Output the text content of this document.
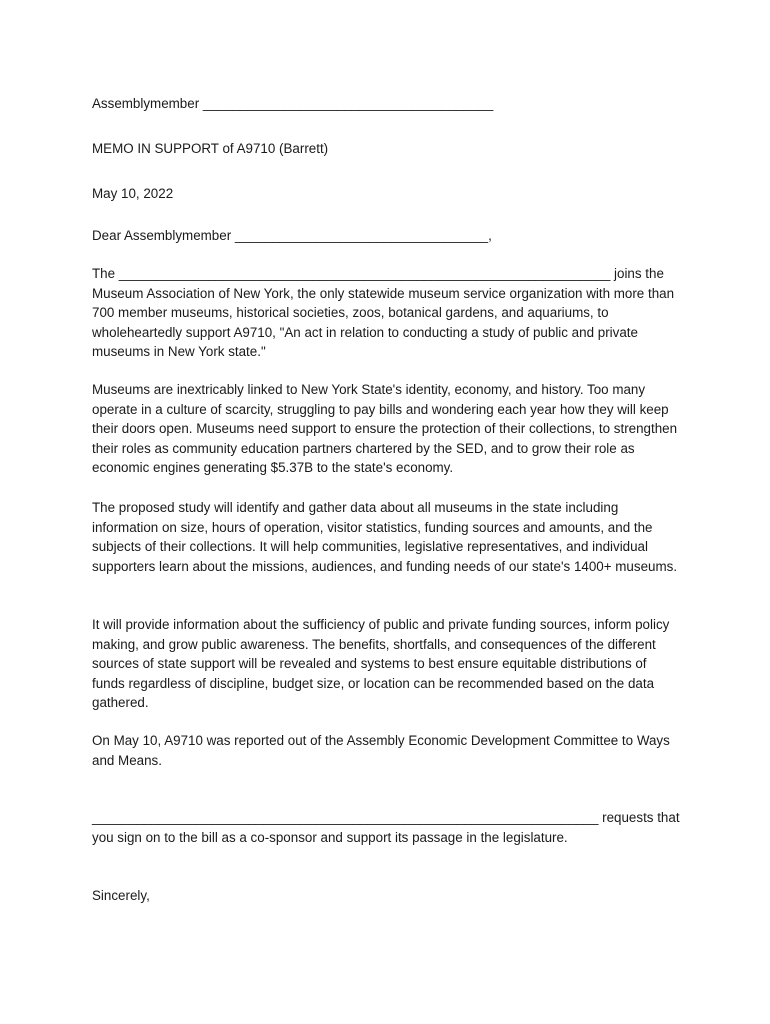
Assemblymember _______________________________________
MEMO IN SUPPORT of A9710 (Barrett)
May 10, 2022
Dear Assemblymember __________________________________,
The __________________________________________________________________ joins the Museum Association of New York, the only statewide museum service organization with more than 700 member museums, historical societies, zoos, botanical gardens, and aquariums, to wholeheartedly support A9710, "An act in relation to conducting a study of public and private museums in New York state."
Museums are inextricably linked to New York State's identity, economy, and history. Too many operate in a culture of scarcity, struggling to pay bills and wondering each year how they will keep their doors open. Museums need support to ensure the protection of their collections, to strengthen their roles as community education partners chartered by the SED, and to grow their role as economic engines generating $5.37B to the state's economy.
The proposed study will identify and gather data about all museums in the state including information on size, hours of operation, visitor statistics, funding sources and amounts, and the subjects of their collections. It will help communities, legislative representatives, and individual supporters learn about the missions, audiences, and funding needs of our state's 1400+ museums.
It will provide information about the sufficiency of public and private funding sources, inform policy making, and grow public awareness. The benefits, shortfalls, and consequences of the different sources of state support will be revealed and systems to best ensure equitable distributions of funds regardless of discipline, budget size, or location can be recommended based on the data gathered.
On May 10, A9710 was reported out of the Assembly Economic Development Committee to Ways and Means.
____________________________________________________________________ requests that you sign on to the bill as a co-sponsor and support its passage in the legislature.
Sincerely,
